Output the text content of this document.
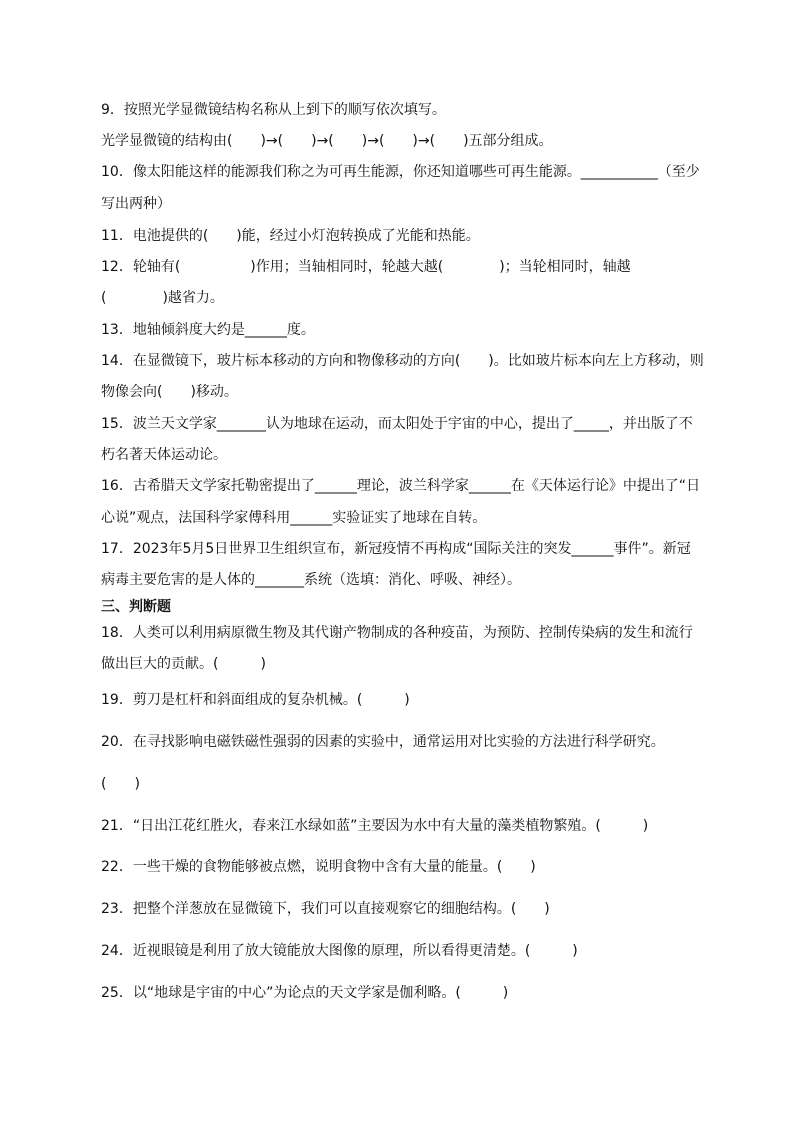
9．按照光学显微镜结构名称从上到下的顺写依次填写。
光学显微镜的结构由(　　)→(　　)→(　　)→(　　)→(　　)五部分组成。
10．像太阳能这样的能源我们称之为可再生能源，你还知道哪些可再生能源。___________（至少
写出两种）
11．电池提供的(　　)能，经过小灯泡转换成了光能和热能。
12．轮轴有(　　　　　)作用；当轴相同时，轮越大越(　　　　)；当轮相同时，轴越
(　　　　)越省力。
13．地轴倾斜度大约是______度。
14．在显微镜下，玻片标本移动的方向和物像移动的方向(　　)。比如玻片标本向左上方移动，则
物像会向(　　)移动。
15．波兰天文学家_______认为地球在运动，而太阳处于宇宙的中心，提出了_____，并出版了不
朽名著天体运动论。
16．古希腊天文学家托勒密提出了______理论，波兰科学家______在《天体运行论》中提出了“日
心说”观点，法国科学家傅科用______实验证实了地球在自转。
17．2023年5月5日世界卫生组织宣布，新冠疫情不再构成“国际关注的突发______事件”。新冠
病毒主要危害的是人体的_______系统（选填：消化、呼吸、神经）。
三、判断题
18．人类可以利用病原微生物及其代谢产物制成的各种疫苗，为预防、控制传染病的发生和流行
做出巨大的贡献。(　　　)
19．剪刀是杠杆和斜面组成的复杂机械。(　　　)
20．在寻找影响电磁铁磁性强弱的因素的实验中，通常运用对比实验的方法进行科学研究。
(　　)
21．“日出江花红胜火，春来江水绿如蓝”主要因为水中有大量的藻类植物繁殖。(　　　)
22．一些干燥的食物能够被点燃，说明食物中含有大量的能量。(　　)
23．把整个洋葱放在显微镜下，我们可以直接观察它的细胞结构。(　　)
24．近视眼镜是利用了放大镜能放大图像的原理，所以看得更清楚。(　　　)
25．以“地球是宇宙的中心”为论点的天文学家是伽利略。(　　　)
